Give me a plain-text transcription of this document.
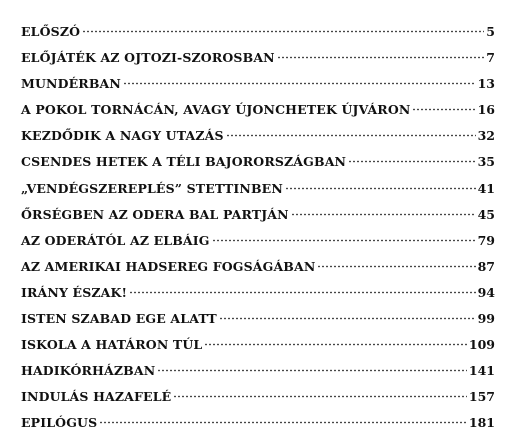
ELŐSZÓ	5
ELŐJÁTÉK AZ OJTOZI-SZOROSBAN	7
MUNDÉRBAN	13
A POKOL TORNÁCÁN, AVAGY ÚJONCHETEK ÚJVÁRON	16
KEZDŐDIK A NAGY UTAZÁS	32
CSENDES HETEK A TÉLI BAJORORSZÁGBAN	35
„VENDÉGSZEREPLÉS” STETTINBEN	41
ŐRSÉGBEN AZ ODERA BAL PARTJÁN	45
AZ ODERÁTÓL AZ ELBÁIG	79
AZ AMERIKAI HADSEREG FOGSÁGÁBAN	87
IRÁNY ÉSZAK!	94
ISTEN SZABAD EGE ALATT	99
ISKOLA A HATÁRON TÚL	109
HADIKÓRHÁZBAN	141
INDULÁS HAZAFELÉ	157
EPILÓGUS	181
